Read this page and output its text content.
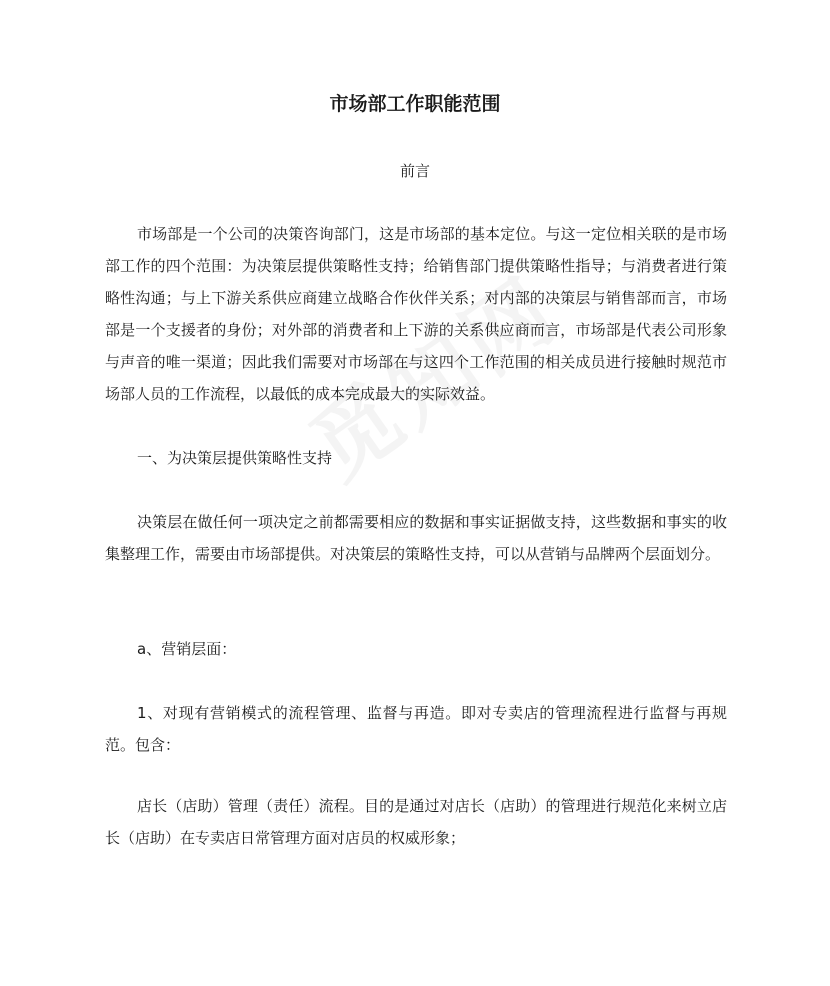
市场部工作职能范围
前言
市场部是一个公司的决策咨询部门，这是市场部的基本定位。与这一定位相关联的是市场部工作的四个范围：为决策层提供策略性支持；给销售部门提供策略性指导；与消费者进行策略性沟通；与上下游关系供应商建立战略合作伙伴关系；对内部的决策层与销售部而言，市场部是一个支援者的身份；对外部的消费者和上下游的关系供应商而言，市场部是代表公司形象与声音的唯一渠道；因此我们需要对市场部在与这四个工作范围的相关成员进行接触时规范市场部人员的工作流程，以最低的成本完成最大的实际效益。
一、为决策层提供策略性支持
决策层在做任何一项决定之前都需要相应的数据和事实证据做支持，这些数据和事实的收集整理工作，需要由市场部提供。对决策层的策略性支持，可以从营销与品牌两个层面划分。
a、营销层面：
1、对现有营销模式的流程管理、监督与再造。即对专卖店的管理流程进行监督与再规范。包含：
店长（店助）管理（责任）流程。目的是通过对店长（店助）的管理进行规范化来树立店长（店助）在专卖店日常管理方面对店员的权威形象；
